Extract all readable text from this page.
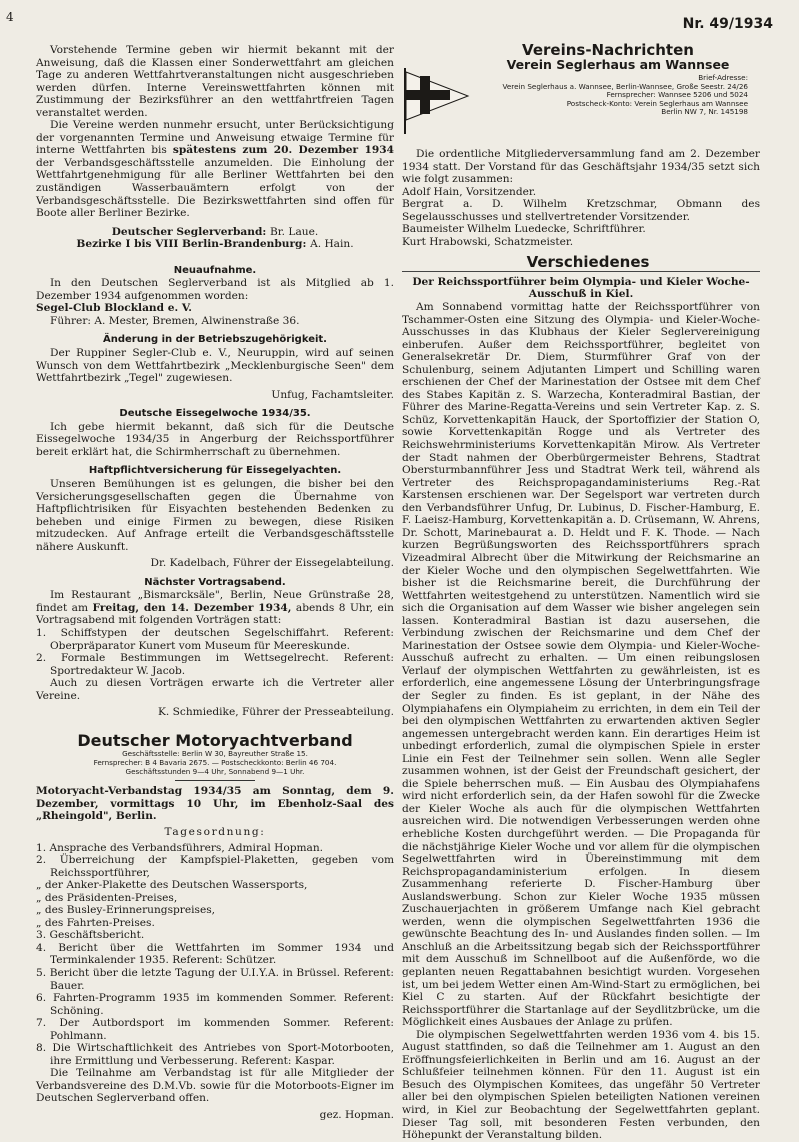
4	Nr. 49/1934

Vorstehende Termine geben wir hiermit bekannt mit der Anweisung, daß die Klassen einer Sonderwettfahrt am gleichen Tage zu anderen Wettfahrtveranstaltungen nicht ausgeschrieben werden dürfen. Interne Vereinswettfahrten können mit Zustimmung der Bezirksführer an den wettfahrtfreien Tagen veranstaltet werden.

Die Vereine werden nunmehr ersucht, unter Berücksichtigung der vorgenannten Termine und Anweisung etwaige Termine für interne Wettfahrten bis spätestens zum 20. Dezember 1934 der Verbandsgeschäftsstelle anzumelden. Die Einholung der Wettfahrtgenehmigung für alle Berliner Wettfahrten bei den zuständigen Wasserbauämtern erfolgt von der Verbandsgeschäftsstelle. Die Bezirkswettfahrten sind offen für Boote aller Berliner Bezirke.

Deutscher Seglerverband: Br. Laue.

Bezirke I bis VIII Berlin-Brandenburg: A. Hain.

Neuaufnahme.

In den Deutschen Seglerverband ist als Mitglied ab 1. Dezember 1934 aufgenommen worden:

Segel-Club Blockland e. V.

Führer: A. Mester, Bremen, Alwinenstraße 36.

Änderung in der Betriebszugehörigkeit.

Der Ruppiner Segler-Club e. V., Neuruppin, wird auf seinen Wunsch von dem Wettfahrtbezirk „Mecklenburgische Seen" dem Wettfahrtbezirk „Tegel" zugewiesen.

Unfug, Fachamtsleiter.

Deutsche Eissegelwoche 1934/35.

Ich gebe hiermit bekannt, daß sich für die Deutsche Eissegelwoche 1934/35 in Angerburg der Reichssportführer bereit erklärt hat, die Schirmherrschaft zu übernehmen.

Haftpflichtversicherung für Eissegelyachten.

Unseren Bemühungen ist es gelungen, die bisher bei den Versicherungsgesellschaften gegen die Übernahme von Haftpflichtrisiken für Eisyachten bestehenden Bedenken zu beheben und einige Firmen zu bewegen, diese Risiken mitzudecken. Auf Anfrage erteilt die Verbandsgeschäftsstelle nähere Auskunft.

Dr. Kadelbach, Führer der Eissegelabteilung.

Nächster Vortragsabend.

Im Restaurant „Bismarcksäle", Berlin, Neue Grünstraße 28, findet am Freitag, den 14. Dezember 1934, abends 8 Uhr, ein Vortragsabend mit folgenden Vorträgen statt:

1. Schiffstypen der deutschen Segelschiffahrt. Referent: Oberpräparator Kunert vom Museum für Meereskunde.
2. Formale Bestimmungen im Wettsegelrecht. Referent: Sportredakteur W. Jacob.

Auch zu diesen Vorträgen erwarte ich die Vertreter aller Vereine.

K. Schmiedike, Führer der Presseabteilung.

Deutscher Motoryachtverband

Geschäftsstelle: Berlin W 30, Bayreuther Straße 15.

Fernsprecher: B 4 Bavaria 2675. — Postscheckkonto: Berlin 46 704.

Geschäftsstunden 9—4 Uhr, Sonnabend 9—1 Uhr.

Motoryacht-Verbandstag 1934/35 am Sonntag, dem 9. Dezember, vormittags 10 Uhr, im Ebenholz-Saal des „Rheingold", Berlin.

Tagesordnung:

1. Ansprache des Verbandsführers, Admiral Hopman.
2. Überreichung der Kampfspiel-Plaketten, gegeben vom Reichssportführer,
„ der Anker-Plakette des Deutschen Wassersports,
„ des Präsidenten-Preises,
„ des Busley-Erinnerungspreises,
„ des Fahrten-Preises.
3. Geschäftsbericht.
4. Bericht über die Wettfahrten im Sommer 1934 und Terminkalender 1935. Referent: Schützer.
5. Bericht über die letzte Tagung der U.I.Y.A. in Brüssel. Referent: Bauer.
6. Fahrten-Programm 1935 im kommenden Sommer. Referent: Schöning.
7. Der Autbordsport im kommenden Sommer. Referent: Pohlmann.
8. Die Wirtschaftlichkeit des Antriebes von Sport-Motorbooten, ihre Ermittlung und Verbesserung. Referent: Kaspar.

Die Teilnahme am Verbandstag ist für alle Mitglieder der Verbandsvereine des D.M.Vb. sowie für die Motorboots-Eigner im Deutschen Seglerverband offen.

gez. Hopman.

Vereins-Nachrichten

Verein Seglerhaus am Wannsee

Brief-Adresse:
Verein Seglerhaus a. Wannsee, Berlin-Wannsee, Große Seestr. 24/26
Fernsprecher: Wannsee 5206 und 5024
Postscheck-Konto: Verein Seglerhaus am Wannsee
Berlin NW 7, Nr. 145198

Die ordentliche Mitgliederversammlung fand am 2. Dezember 1934 statt. Der Vorstand für das Geschäftsjahr 1934/35 setzt sich wie folgt zusammen:

Adolf Hain, Vorsitzender.

Bergrat a. D. Wilhelm Kretzschmar, Obmann des Segelausschusses und stellvertretender Vorsitzender.

Baumeister Wilhelm Luedecke, Schriftführer.

Kurt Hrabowski, Schatzmeister.

Verschiedenes

Der Reichssportführer beim Olympia- und Kieler Woche-Ausschuß in Kiel.

Am Sonnabend vormittag hatte der Reichssportführer von Tschammer-Osten eine Sitzung des Olympia- und Kieler-Woche-Ausschusses in das Klubhaus der Kieler Seglervereinigung einberufen. Außer dem Reichssportführer, begleitet von Generalsekretär Dr. Diem, Sturmführer Graf von der Schulenburg, seinem Adjutanten Limpert und Schilling waren erschienen der Chef der Marinestation der Ostsee mit dem Chef des Stabes Kapitän z. S. Warzecha, Konteradmiral Bastian, der Führer des Marine-Regatta-Vereins und sein Vertreter Kap. z. S. Schüz, Korvettenkapitän Hauck, der Sportoffizier der Station O, sowie Korvettenkapitän Rogge und als Vertreter des Reichswehrministeriums Korvettenkapitän Mirow. Als Vertreter der Stadt nahmen der Oberbürgermeister Behrens, Stadtrat Obersturmbannführer Jess und Stadtrat Werk teil, während als Vertreter des Reichspropagandaministeriums Reg.-Rat Karstensen erschienen war. Der Segelsport war vertreten durch den Verbandsführer Unfug, Dr. Lubinus, D. Fischer-Hamburg, E. F. Laeisz-Hamburg, Korvettenkapitän a. D. Crüsemann, W. Ahrens, Dr. Schott, Marinebaurat a. D. Heldt und F. K. Thode. — Nach kurzen Begrüßungsworten des Reichssportführers sprach Vizeadmiral Albrecht über die Mitwirkung der Reichsmarine an der Kieler Woche und den olympischen Segelwettfahrten. Wie bisher ist die Reichsmarine bereit, die Durchführung der Wettfahrten weitestgehend zu unterstützen. Namentlich wird sie sich die Organisation auf dem Wasser wie bisher angelegen sein lassen. Konteradmiral Bastian ist dazu ausersehen, die Verbindung zwischen der Reichsmarine und dem Chef der Marinestation der Ostsee sowie dem Olympia- und Kieler-Woche-Ausschuß aufrecht zu erhalten. — Um einen reibungslosen Verlauf der olympischen Wettfahrten zu gewährleisten, ist es erforderlich, eine angemessene Lösung der Unterbringungsfrage der Segler zu finden. Es ist geplant, in der Nähe des Olympiahafens ein Olympiaheim zu errichten, in dem ein Teil der bei den olympischen Wettfahrten zu erwartenden aktiven Segler angemessen untergebracht werden kann. Ein derartiges Heim ist unbedingt erforderlich, zumal die olympischen Spiele in erster Linie ein Fest der Teilnehmer sein sollen. Wenn alle Segler zusammen wohnen, ist der Geist der Freundschaft gesichert, der die Spiele beherrschen muß. — Ein Ausbau des Olympiahafens wird nicht erforderlich sein, da der Hafen sowohl für die Zwecke der Kieler Woche als auch für die olympischen Wettfahrten ausreichen wird. Die notwendigen Verbesserungen werden ohne erhebliche Kosten durchgeführt werden. — Die Propaganda für die nächstjährige Kieler Woche und vor allem für die olympischen Segelwettfahrten wird in Übereinstimmung mit dem Reichspropagandaministerium erfolgen. In diesem Zusammenhang referierte D. Fischer-Hamburg über Auslandswerbung. Schon zur Kieler Woche 1935 müssen Zuschauerjachten in größerem Umfange nach Kiel gebracht werden, wenn die olympischen Segelwettfahrten 1936 die gewünschte Beachtung des In- und Auslandes finden sollen. — Im Anschluß an die Arbeitssitzung begab sich der Reichssportführer mit dem Ausschuß im Schnellboot auf die Außenförde, wo die geplanten neuen Regattabahnen besichtigt wurden. Vorgesehen ist, um bei jedem Wetter einen Am-Wind-Start zu ermöglichen, bei Kiel C zu starten. Auf der Rückfahrt besichtigte der Reichssportführer die Startanlage auf der Seydlitzbrücke, um die Möglichkeit eines Ausbaues der Anlage zu prüfen.

Die olympischen Segelwettfahrten werden 1936 vom 4. bis 15. August stattfinden, so daß die Teilnehmer am 1. August an den Eröffnungsfeierlichkeiten in Berlin und am 16. August an der Schlußfeier teilnehmen können. Für den 11. August ist ein Besuch des Olympischen Komitees, das ungefähr 50 Vertreter aller bei den olympischen Spielen beteiligten Nationen vereinen wird, in Kiel zur Beobachtung der Segelwettfahrten geplant. Dieser Tag soll, mit besonderen Festen verbunden, den Höhepunkt der Veranstaltung bilden.
